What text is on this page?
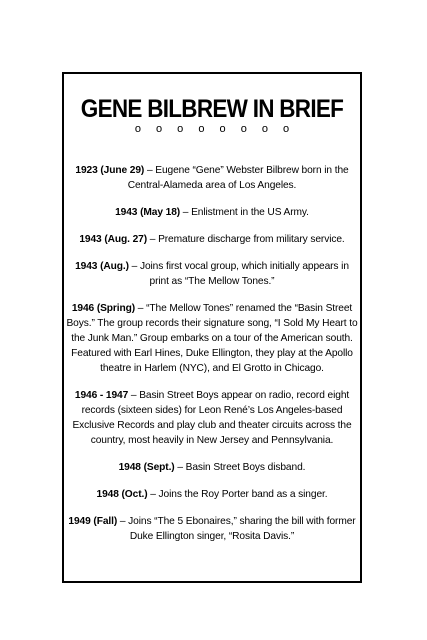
GENE BILBREW IN BRIEF
o o o o o o o o

1923 (June 29) – Eugene “Gene” Webster Bilbrew born in the Central-Alameda area of Los Angeles.

1943 (May 18) – Enlistment in the US Army.

1943 (Aug. 27) – Premature discharge from military service.

1943 (Aug.) – Joins first vocal group, which initially appears in print as “The Mellow Tones.”

1946 (Spring) – “The Mellow Tones” renamed the “Basin Street Boys.” The group records their signature song, “I Sold My Heart to the Junk Man.” Group embarks on a tour of the American south. Featured with Earl Hines, Duke Ellington, they play at the Apollo theatre in Harlem (NYC), and El Grotto in Chicago.

1946 - 1947 – Basin Street Boys appear on radio, record eight records (sixteen sides) for Leon René’s Los Angeles-based Exclusive Records and play club and theater circuits across the country, most heavily in New Jersey and Pennsylvania.

1948 (Sept.) – Basin Street Boys disband.

1948 (Oct.) – Joins the Roy Porter band as a singer.

1949 (Fall) – Joins “The 5 Ebonaires,” sharing the bill with former Duke Ellington singer, “Rosita Davis.”
